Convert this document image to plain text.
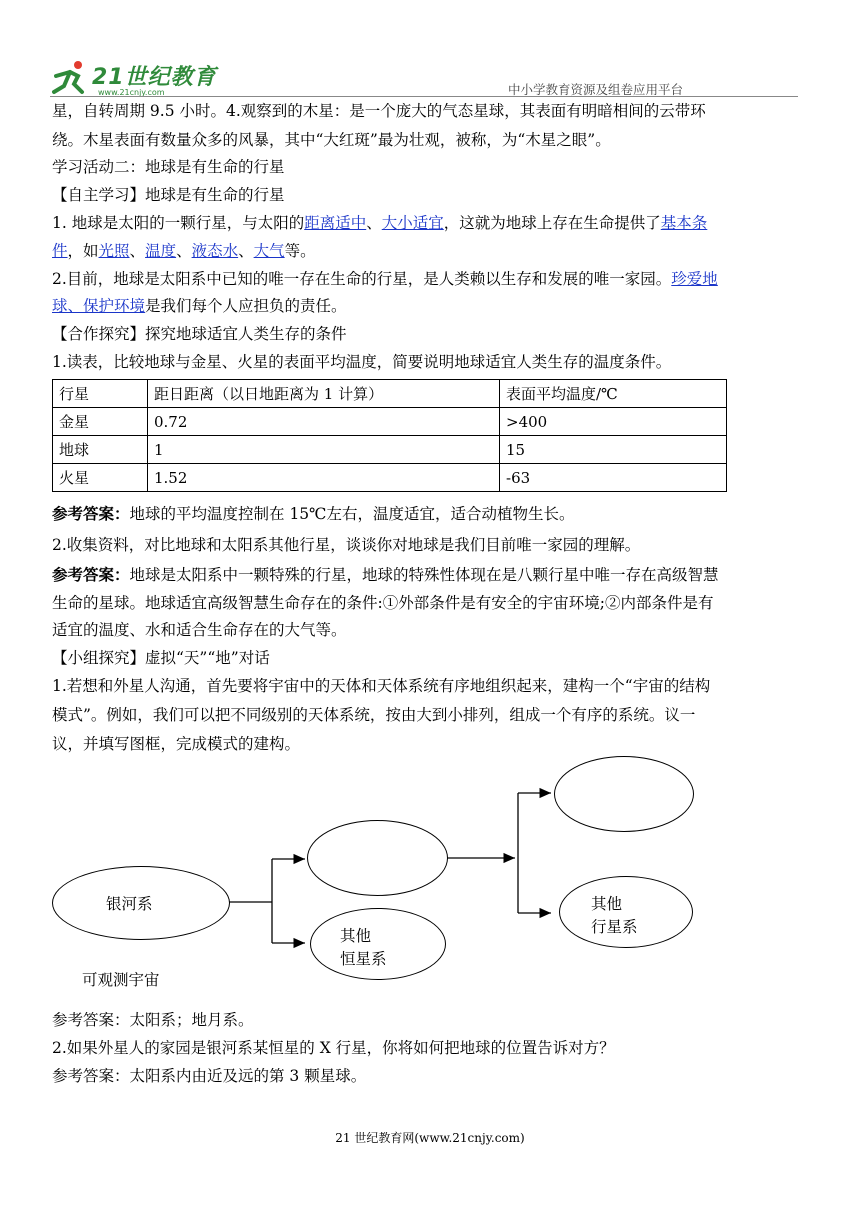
21世纪教育
www.21cnjy.com	中小学教育资源及组卷应用平台
星，自转周期 9.5 小时。4.观察到的木星：是一个庞大的气态星球，其表面有明暗相间的云带环
绕。木星表面有数量众多的风暴，其中“大红斑”最为壮观，被称，为“木星之眼”。
学习活动二：地球是有生命的行星
【自主学习】地球是有生命的行星
1. 地球是太阳的一颗行星，与太阳的距离适中、大小适宜，这就为地球上存在生命提供了基本条
件，如光照、温度、液态水、大气等。
2.目前，地球是太阳系中已知的唯一存在生命的行星，是人类赖以生存和发展的唯一家园。珍爱地
球、保护环境是我们每个人应担负的责任。
【合作探究】探究地球适宜人类生存的条件
1.读表，比较地球与金星、火星的表面平均温度，简要说明地球适宜人类生存的温度条件。
行星	距日距离（以日地距离为 1 计算）	表面平均温度/℃
金星	0.72	>400
地球	1	15
火星	1.52	-63
参考答案：地球的平均温度控制在 15℃左右，温度适宜，适合动植物生长。
2.收集资料，对比地球和太阳系其他行星，谈谈你对地球是我们目前唯一家园的理解。
参考答案：地球是太阳系中一颗特殊的行星，地球的特殊性体现在是八颗行星中唯一存在高级智慧
生命的星球。地球适宜高级智慧生命存在的条件:①外部条件是有安全的宇宙环境;②内部条件是有
适宜的温度、水和适合生命存在的大气等。
【小组探究】虚拟“天”“地”对话
1.若想和外星人沟通，首先要将宇宙中的天体和天体系统有序地组织起来，建构一个“宇宙的结构
模式”。例如，我们可以把不同级别的天体系统，按由大到小排列，组成一个有序的系统。议一
议，并填写图框，完成模式的建构。
银河系
其他
恒星系
其他
行星系
可观测宇宙
参考答案：太阳系；地月系。
2.如果外星人的家园是银河系某恒星的 X 行星，你将如何把地球的位置告诉对方？
参考答案：太阳系内由近及远的第 3 颗星球。
21 世纪教育网(www.21cnjy.com)
